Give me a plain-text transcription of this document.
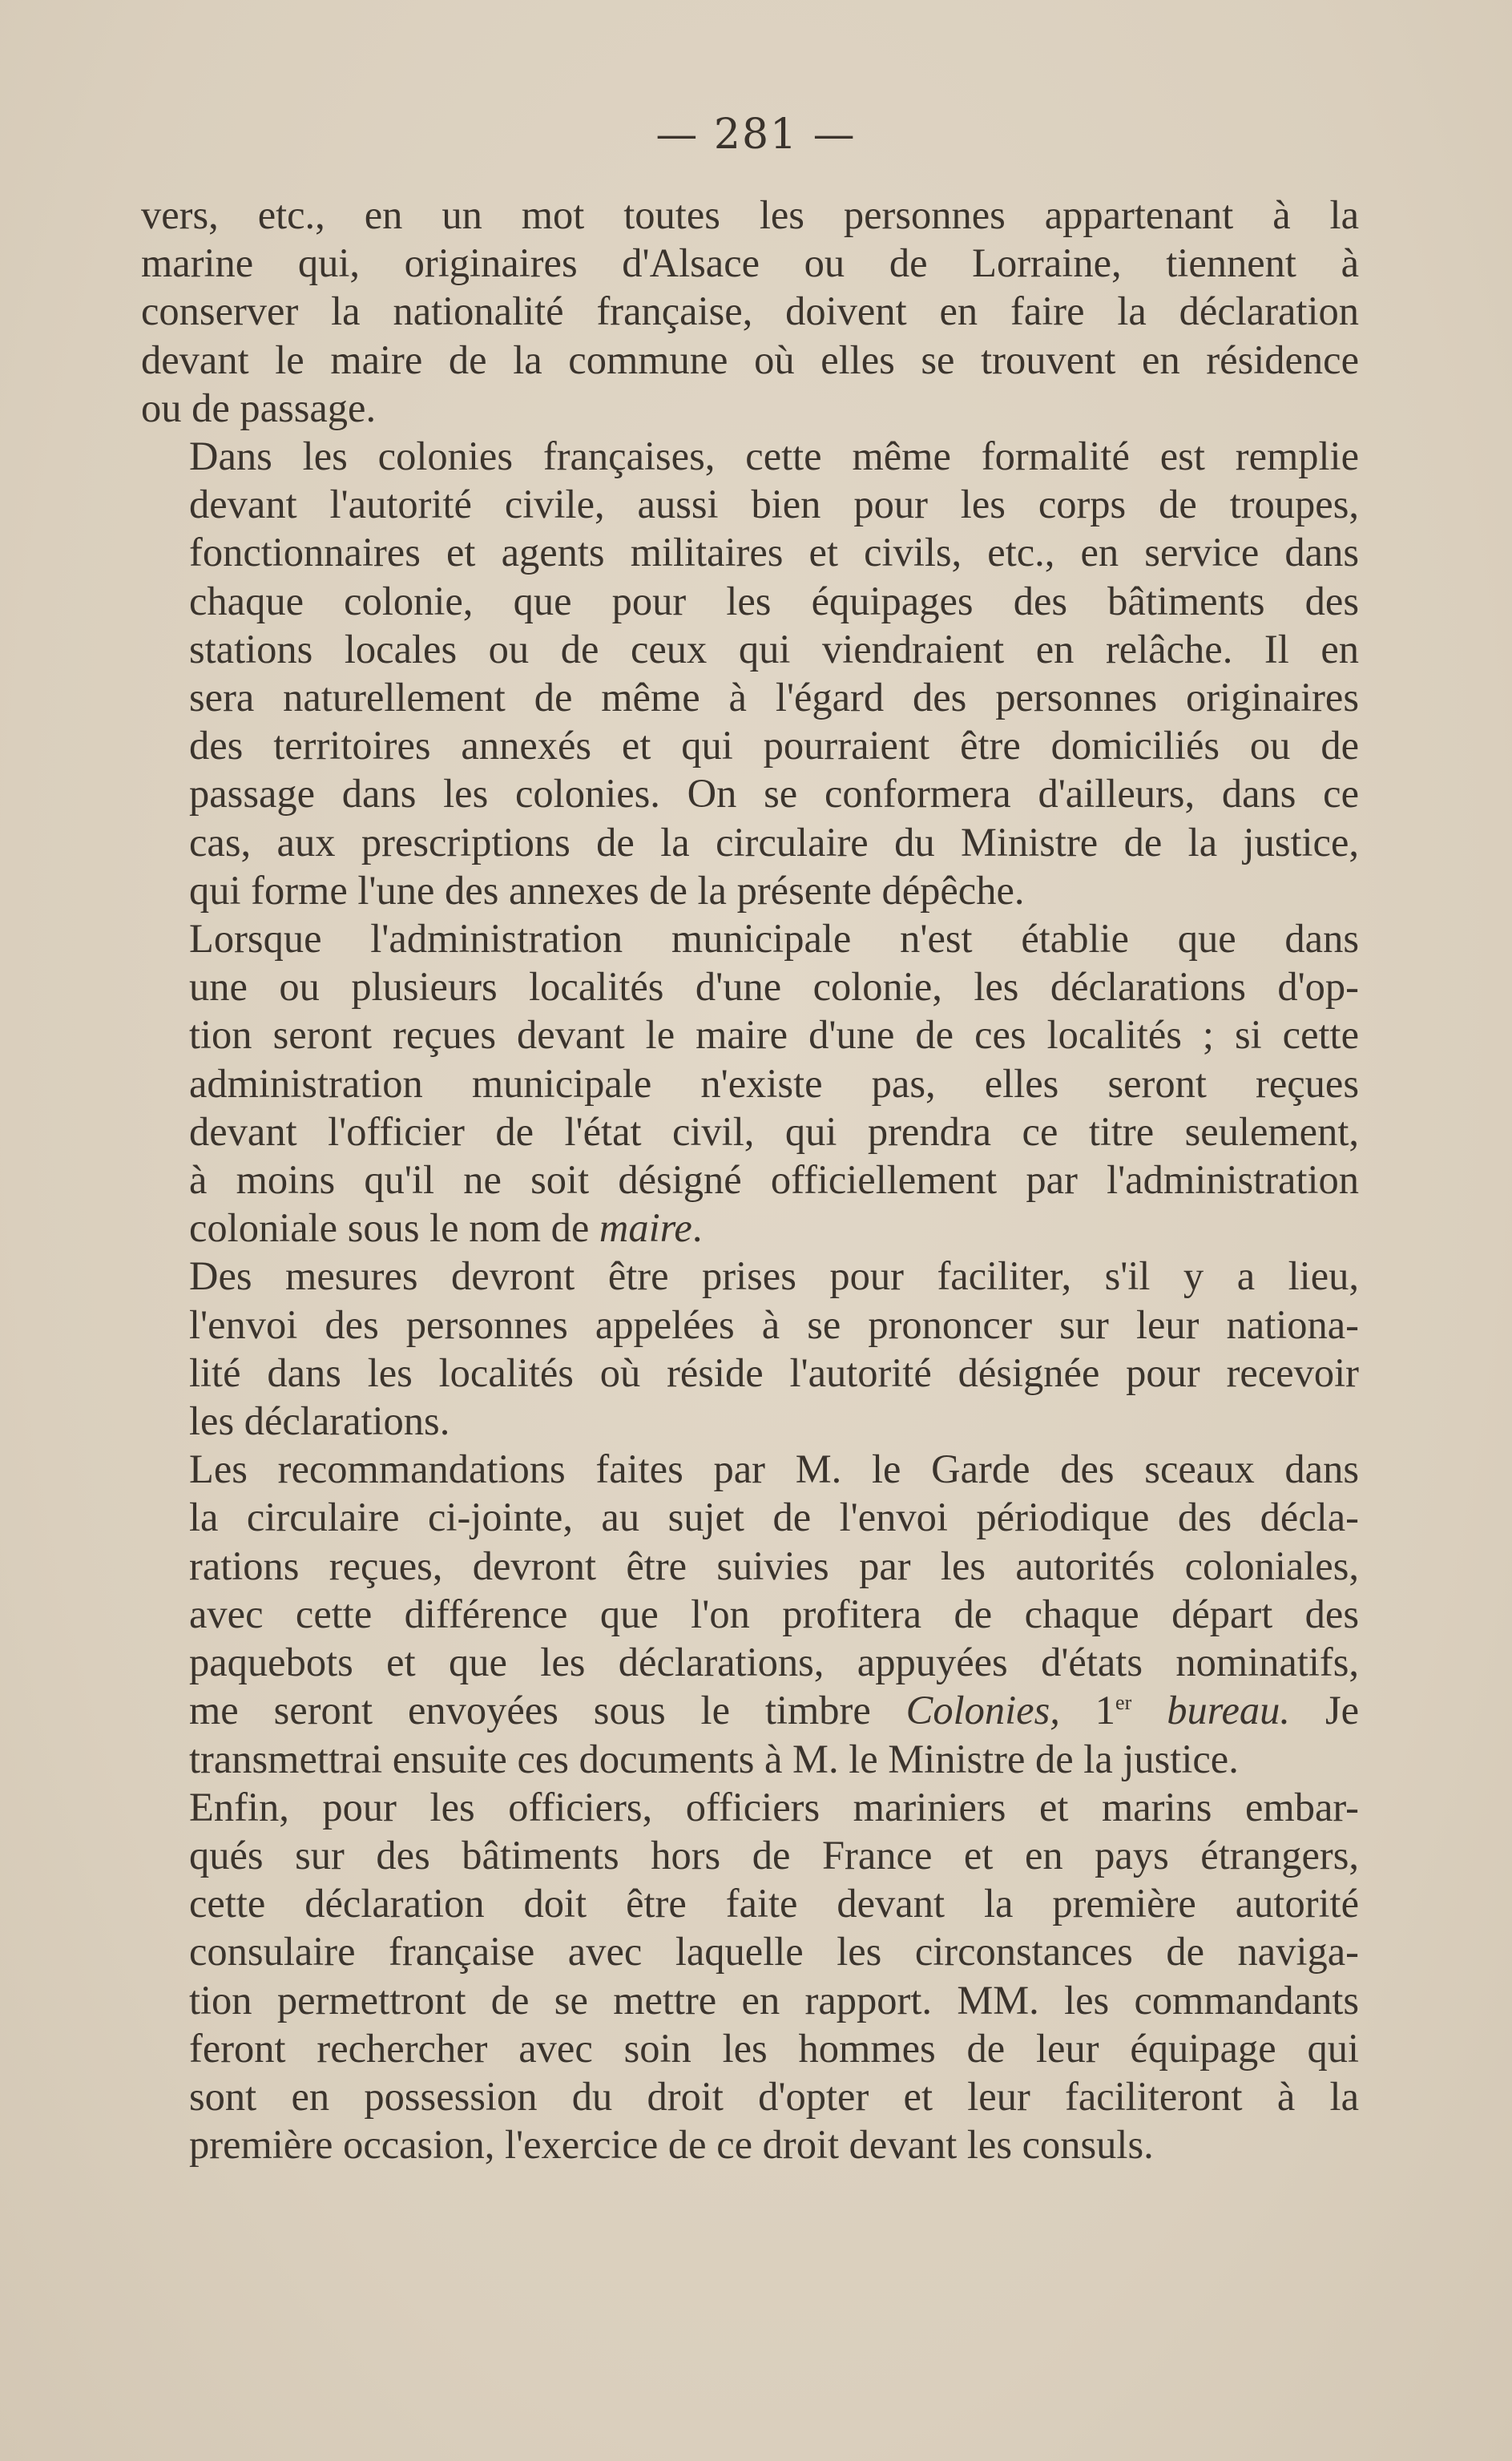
— 281 —

vers, etc., en un mot toutes les personnes appartenant à la
marine qui, originaires d'Alsace ou de Lorraine, tiennent à
conserver la nationalité française, doivent en faire la déclaration
devant le maire de la commune où elles se trouvent en résidence
ou de passage.

Dans les colonies françaises, cette même formalité est remplie
devant l'autorité civile, aussi bien pour les corps de troupes,
fonctionnaires et agents militaires et civils, etc., en service dans
chaque colonie, que pour les équipages des bâtiments des
stations locales ou de ceux qui viendraient en relâche. Il en
sera naturellement de même à l'égard des personnes originaires
des territoires annexés et qui pourraient être domiciliés ou de
passage dans les colonies. On se conformera d'ailleurs, dans ce
cas, aux prescriptions de la circulaire du Ministre de la justice,
qui forme l'une des annexes de la présente dépêche.

Lorsque l'administration municipale n'est établie que dans
une ou plusieurs localités d'une colonie, les déclarations d'op-
tion seront reçues devant le maire d'une de ces localités ; si cette
administration municipale n'existe pas, elles seront reçues
devant l'officier de l'état civil, qui prendra ce titre seulement,
à moins qu'il ne soit désigné officiellement par l'administration
coloniale sous le nom de maire.

Des mesures devront être prises pour faciliter, s'il y a lieu,
l'envoi des personnes appelées à se prononcer sur leur nationa-
lité dans les localités où réside l'autorité désignée pour recevoir
les déclarations.

Les recommandations faites par M. le Garde des sceaux dans
la circulaire ci-jointe, au sujet de l'envoi périodique des décla-
rations reçues, devront être suivies par les autorités coloniales,
avec cette différence que l'on profitera de chaque départ des
paquebots et que les déclarations, appuyées d'états nominatifs,
me seront envoyées sous le timbre Colonies, 1er bureau. Je
transmettrai ensuite ces documents à M. le Ministre de la justice.

Enfin, pour les officiers, officiers mariniers et marins embar-
qués sur des bâtiments hors de France et en pays étrangers,
cette déclaration doit être faite devant la première autorité
consulaire française avec laquelle les circonstances de naviga-
tion permettront de se mettre en rapport. MM. les commandants
feront rechercher avec soin les hommes de leur équipage qui
sont en possession du droit d'opter et leur faciliteront à la
première occasion, l'exercice de ce droit devant les consuls.
